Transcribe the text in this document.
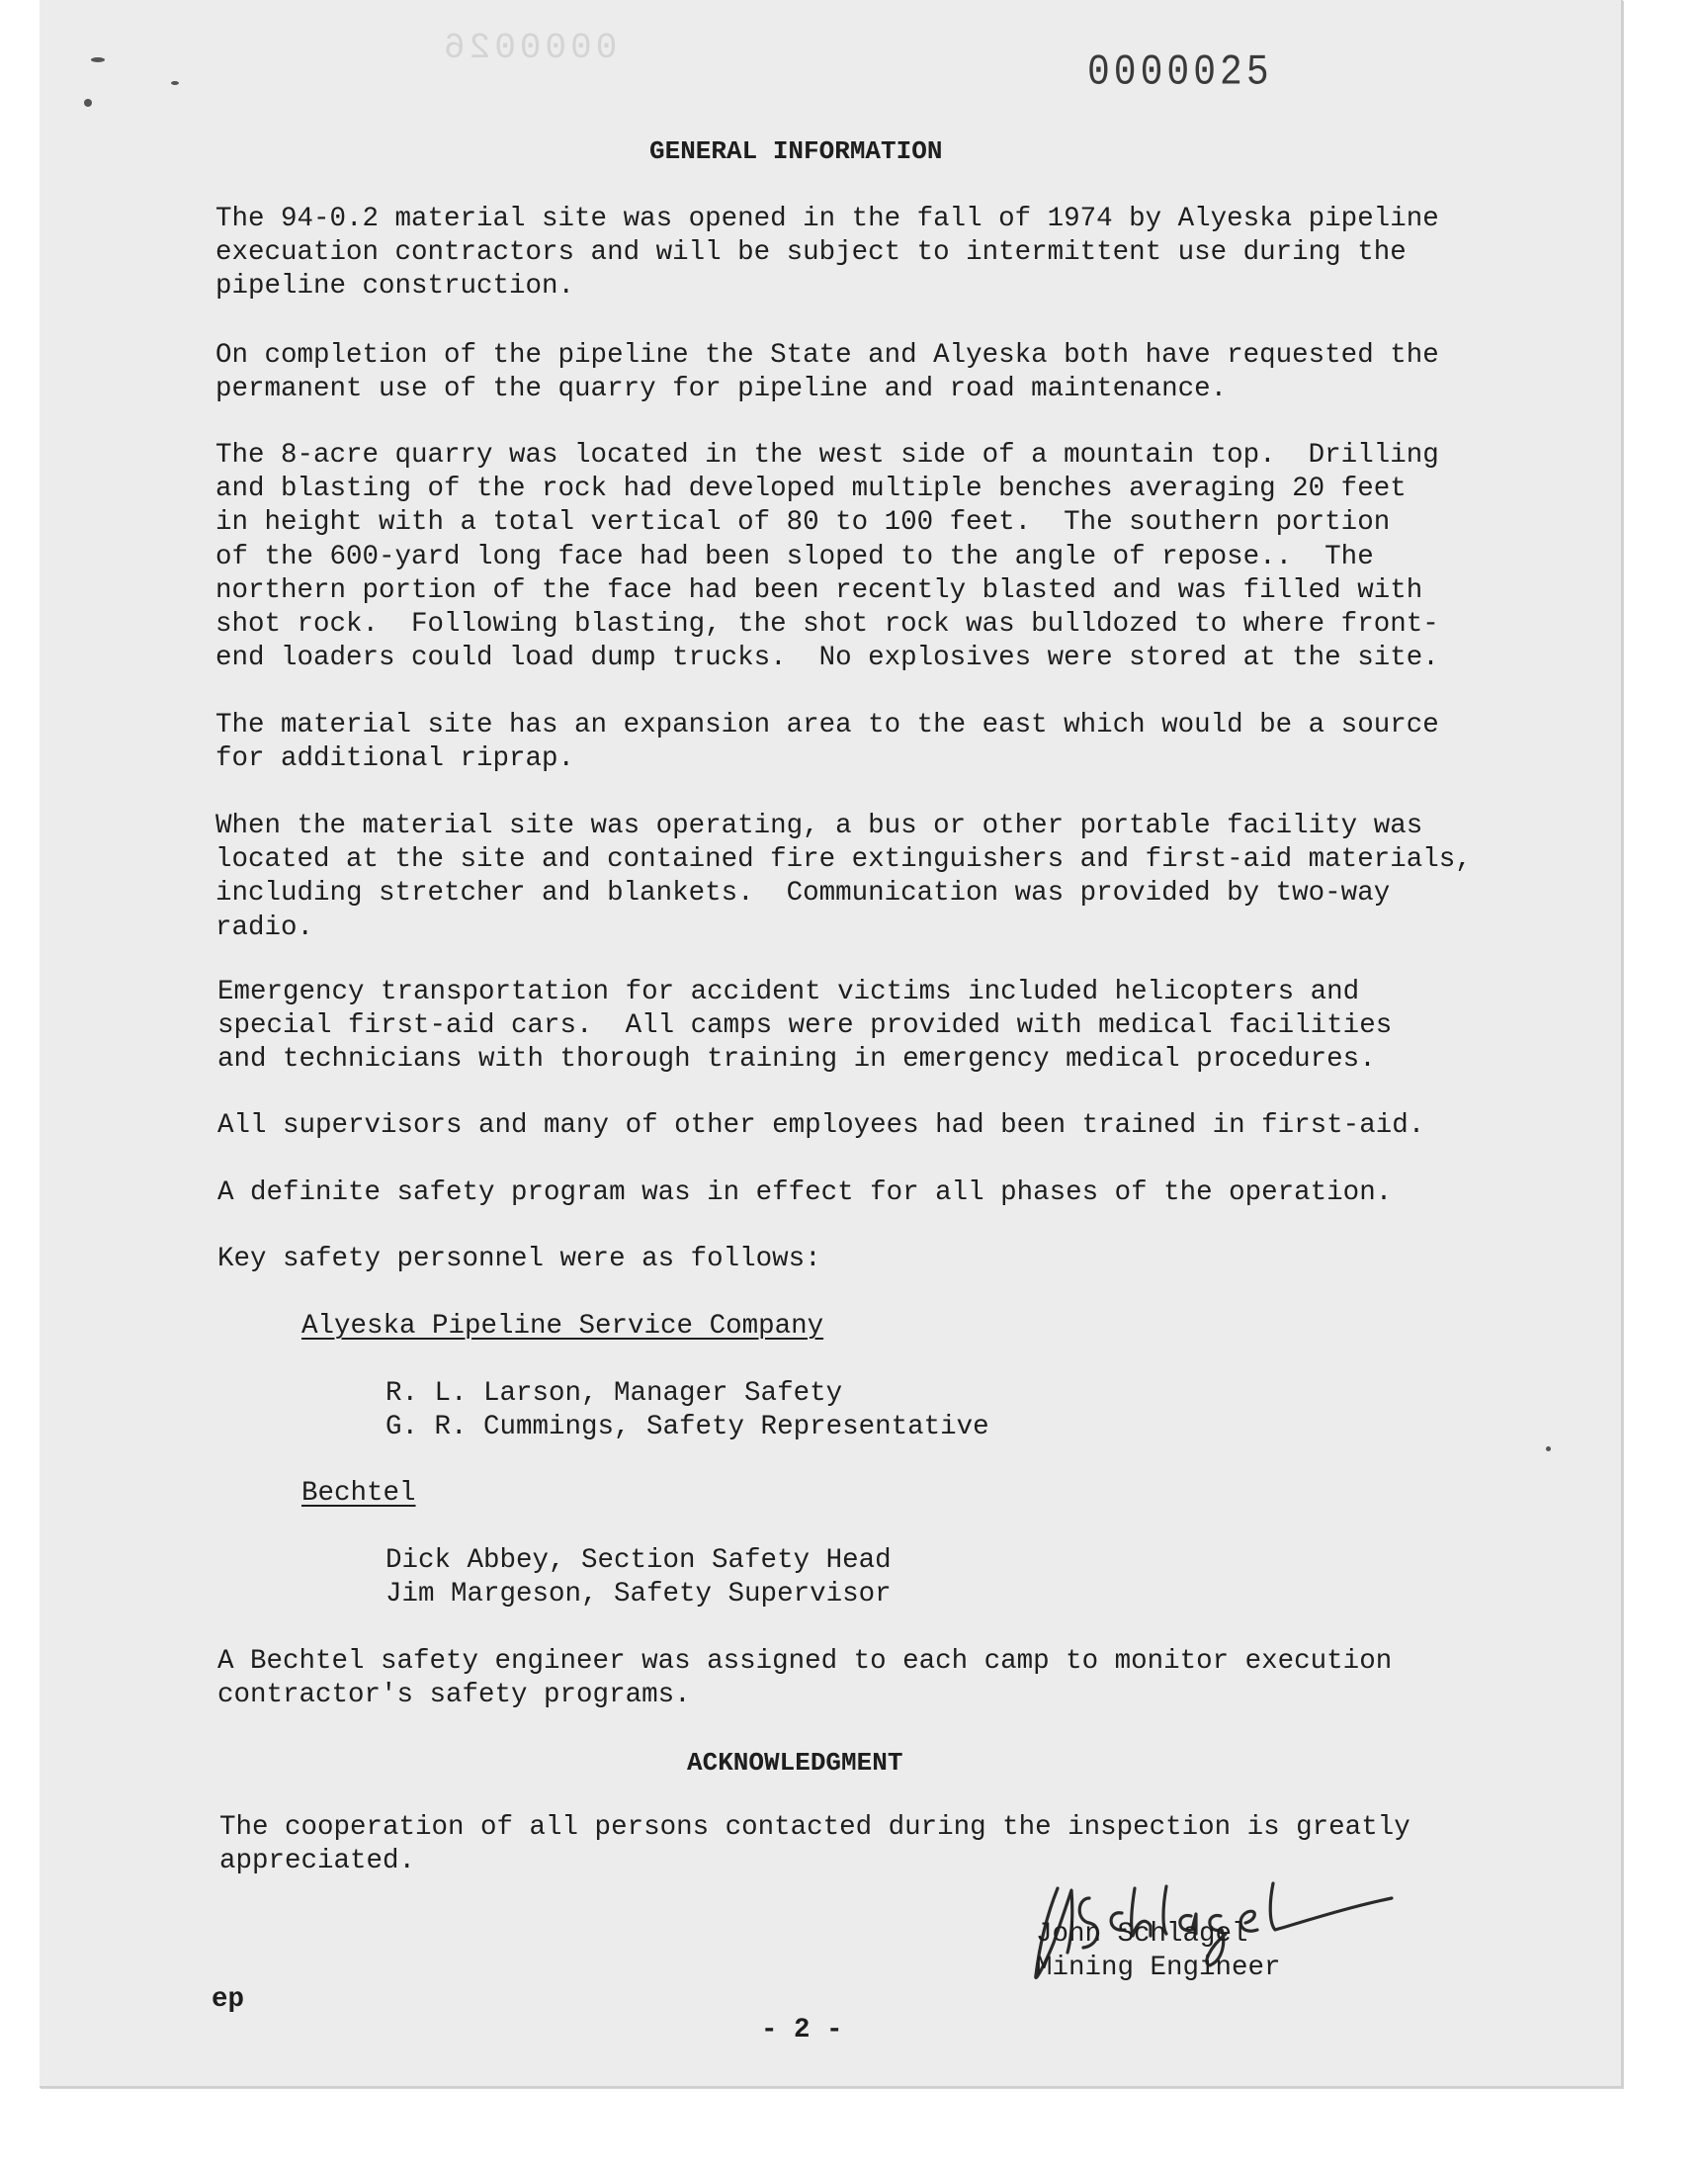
0000026
0000025
GENERAL INFORMATION

The 94-0.2 material site was opened in the fall of 1974 by Alyeska pipeline
execuation contractors and will be subject to intermittent use during the
pipeline construction.

On completion of the pipeline the State and Alyeska both have requested the
permanent use of the quarry for pipeline and road maintenance.

The 8-acre quarry was located in the west side of a mountain top.  Drilling
and blasting of the rock had developed multiple benches averaging 20 feet
in height with a total vertical of 80 to 100 feet.  The southern portion
of the 600-yard long face had been sloped to the angle of repose..  The
northern portion of the face had been recently blasted and was filled with
shot rock.  Following blasting, the shot rock was bulldozed to where front-
end loaders could load dump trucks.  No explosives were stored at the site.

The material site has an expansion area to the east which would be a source
for additional riprap.

When the material site was operating, a bus or other portable facility was
located at the site and contained fire extinguishers and first-aid materials,
including stretcher and blankets.  Communication was provided by two-way
radio.

Emergency transportation for accident victims included helicopters and
special first-aid cars.  All camps were provided with medical facilities
and technicians with thorough training in emergency medical procedures.

All supervisors and many of other employees had been trained in first-aid.

A definite safety program was in effect for all phases of the operation.

Key safety personnel were as follows:

Alyeska Pipeline Service Company

R. L. Larson, Manager Safety

G. R. Cummings, Safety Representative

Bechtel

Dick Abbey, Section Safety Head

Jim Margeson, Safety Supervisor

A Bechtel safety engineer was assigned to each camp to monitor execution
contractor's safety programs.

ACKNOWLEDGMENT

The cooperation of all persons contacted during the inspection is greatly
appreciated.

John Schlagel

Mining Engineer

ep

- 2 -
